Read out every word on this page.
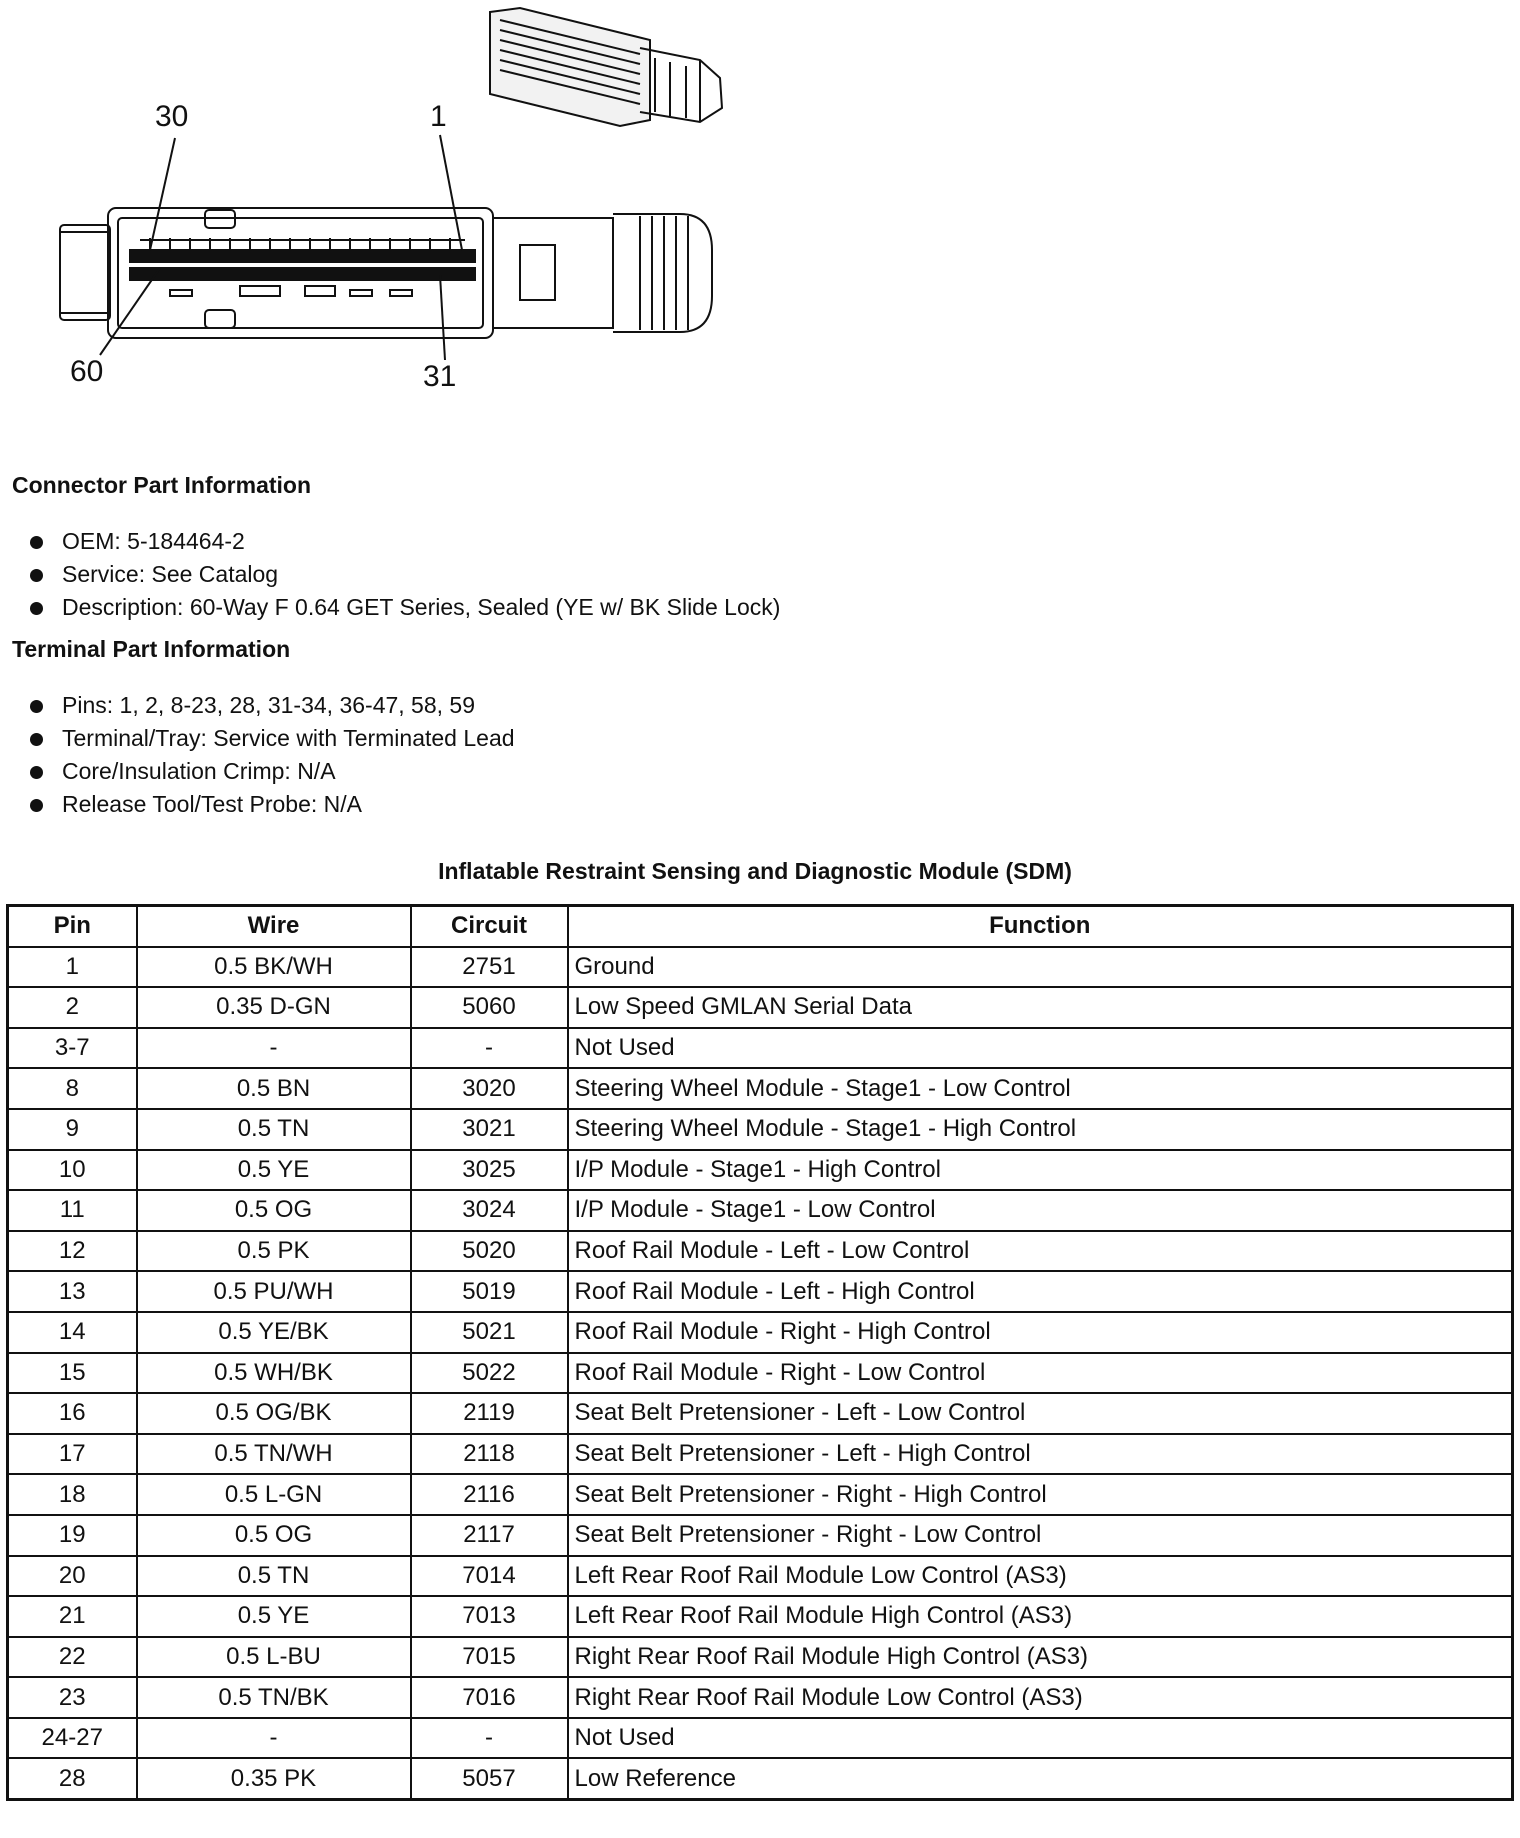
30	1
60	31
Connector Part Information
OEM: 5-184464-2
Service: See Catalog
Description: 60-Way F 0.64 GET Series, Sealed (YE w/ BK Slide Lock)
Terminal Part Information
Pins: 1, 2, 8-23, 28, 31-34, 36-47, 58, 59
Terminal/Tray: Service with Terminated Lead
Core/Insulation Crimp: N/A
Release Tool/Test Probe: N/A
Inflatable Restraint Sensing and Diagnostic Module (SDM)
Pin	Wire	Circuit	Function
1	0.5 BK/WH	2751	Ground
2	0.35 D-GN	5060	Low Speed GMLAN Serial Data
3-7	-	-	Not Used
8	0.5 BN	3020	Steering Wheel Module - Stage1 - Low Control
9	0.5 TN	3021	Steering Wheel Module - Stage1 - High Control
10	0.5 YE	3025	I/P Module - Stage1 - High Control
11	0.5 OG	3024	I/P Module - Stage1 - Low Control
12	0.5 PK	5020	Roof Rail Module - Left - Low Control
13	0.5 PU/WH	5019	Roof Rail Module - Left - High Control
14	0.5 YE/BK	5021	Roof Rail Module - Right - High Control
15	0.5 WH/BK	5022	Roof Rail Module - Right - Low Control
16	0.5 OG/BK	2119	Seat Belt Pretensioner - Left - Low Control
17	0.5 TN/WH	2118	Seat Belt Pretensioner - Left - High Control
18	0.5 L-GN	2116	Seat Belt Pretensioner - Right - High Control
19	0.5 OG	2117	Seat Belt Pretensioner - Right - Low Control
20	0.5 TN	7014	Left Rear Roof Rail Module Low Control (AS3)
21	0.5 YE	7013	Left Rear Roof Rail Module High Control (AS3)
22	0.5 L-BU	7015	Right Rear Roof Rail Module High Control (AS3)
23	0.5 TN/BK	7016	Right Rear Roof Rail Module Low Control (AS3)
24-27	-	-	Not Used
28	0.35 PK	5057	Low Reference
